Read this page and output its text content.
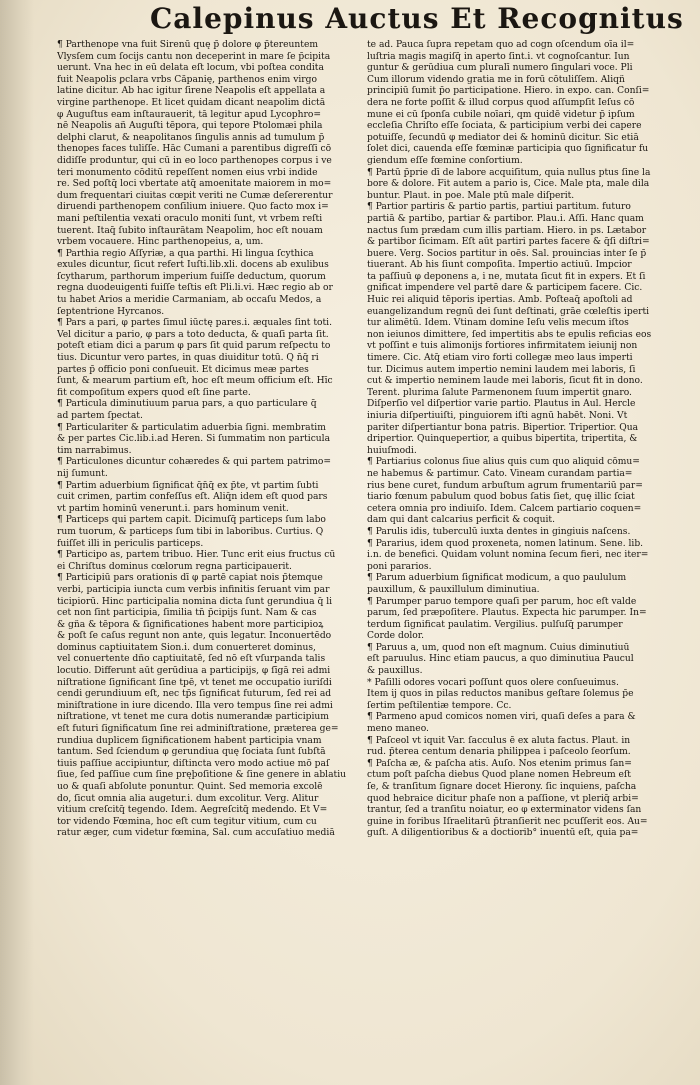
Calepinus Auctus Et Recognitus
¶ Parthenope vna fuit Sirenū quę p̄ dolore φ p̄tereuntem
Vlysſem cum ſocijs cantu non deceperint in mare ſe p̄cipita
uerunt. Vna hec in eū delata eſt locum, vbi poſtea condita
fuit Neapolis ꝑclara vrbs Căpanię, parthenos enim virgo
latine dicitur. Ab hac igitur ſirene Neapolis eſt appellata a
virgine parthenope. Et licet quidam dicant neapolim dictā
φ Auguſtus eam inſtaurauerit, tā legitur apud Lycophro=
nē Neapolis añ Auguſti tēpora, qui tepore Ptolomæi phila
delphi clarut, & neapolitanos ſingulis annis ad tumulum p̄
thenopes faces tuliſſe. Hāc Cumani a parentibus digreſſi cō
didiſſe produntur, qui cū in eo loco parthenopes corpus i ve
teri monumento cōditū repeſſent nomen eius vrbi indide
re. Sed poſtq̄ loci vbertate atq̄ amoenitate maiorem in mo=
dum frequentari ciuitas cœpit veriti ne Cumæ deſererentur
diruendi parthenopem conſilium iniuere. Quo facto mox i=
mani peſtilentia vexati oraculo moniti ſunt, vt vrbem reſti
tuerent. Itaq̄ ſubito inſtaurātam Neapolim, hoc eſt nouam
vrbem vocauere. Hinc parthenopeius, a, um.
¶ Parthia regio Aſſyriæ, a qua parthi. Hi lingua ſcythica
exules dicuntur, ſicut refert Iuſti.lib.xli. docens ab exulibus
ſcytharum, parthorum imperium fuiſſe deductum, quorum
regna duodeuigenti fuiſſe teſtis eſt Pli.li.vi. Hæc regio ab or
tu habet Arios a meridie Carmaniam, ab occaſu Medos, a
ſeptentrione Hyrcanos.
¶ Pars a pari, φ partes ſimul iūctę pares.i. æquales ſint toti.
Vel dicitur a pario, φ pars a toto deducta, & quaſi parta ſit.
poteſt etiam dici a parum φ pars ſit quid parum reſpectu to
tius. Dicuntur vero partes, in quas diuiditur totū. Q̄ n̄q̄ ri
partes p̄ officio poni conſueuit. Et dicimus meæ partes
ſunt, & mearum partium eſt, hoc eſt meum officium eſt. Hīc
fit compoſitum expers quod eſt ſine parte.
¶ Particula diminutiuum parua pars, a quo particulare q̄
ad partem ſpectat.
¶ Particulariter & particulatim aduerbia ſigni. membratim
& per partes Cic.lib.i.ad Heren. Si ſummatim non particula
tim narrabimus.
¶ Particulones dicuntur cohæredes & qui partem patrimo=
nij ſumunt.
¶ Partim aduerbium ſignificat q̄n̄q̄ ex p̄te, vt partim ſubti
cuit crimen, partim confeſſus eſt. Aliq̄n idem eſt quod pars
vt partim hominū venerunt.i. pars hominum venit.
¶ Particeps qui partem capit. Dicimuſq̄ particeps ſum labo
rum tuorum, & particeps ſum tibi in laboribus. Curtius. Q̄
fuiſſet illi in periculis particeps.
¶ Participo as, partem tribuo. Hier. Tunc erit eius fructus cū
ei Chriſtus dominus cœlorum regna participauerit.
¶ Participiū pars orationis dī φ partē capiat nois p̄temque
verbi, participia iuncta cum verbis infinitis ſeruant vim par
ticipiorū. Hinc participalia nomina dicta ſunt gerundiua q̄ li
cet non ſint participia, ſimilia tn̄ p̄cipijs ſunt. Nam & cas
& gña & tēpora & ſignificationes habent more participioꝝ
& poſt ſe caſus regunt non ante, quis legatur. Inconuertēdo
dominus captiuitatem Sion.i. dum conuerteret dominus,
vel conuertente dño captiuitatē, ſed nō eſt vſurpanda talis
locutio. Differunt aūt gerūdiua a participijs, φ ſīgā rei admi
niſtratione ſignificant ſine tpē, vt tenet me occupatio iuriſdi
cendi gerundiuum eſt, nec tp̄s ſignificat futurum, ſed rei ad
miniſtratione in iure dicendo. Illa vero tempus ſine rei admi
niſtratione, vt tenet me cura dotis numerandæ participium
eſt futuri ſignificatum ſine rei adminiſtratione, præterea ge=
rundiua duplicem ſignificationem habent participia vnam
tantum. Sed ſciendum φ gerundiua quę ſociata ſunt ſubſtā
tiuis paſſiue accipiuntur, diſtincta vero modo actiue mō paſ
ſiue, ſed paſſiue cum ſine pręþoſitione & ſine genere in ablatiu
uo & quaſi abſolute ponuntur. Quint. Sed memoria excolē
do, ſicut omnia alia augetur.i. dum excolitur. Verg. Alitur
vitium creſcitq̄ tegendo. Idem. Aegreſcitq̄ medendo. Et V=
tor videndo Fœmina, hoc eſt cum tegitur vitium, cum cu
ratur æger, cum videtur fœmina, Sal. cum accuſatiuo mediā
te ad. Pauca ſupra repetam quo ad cogn oſcendum oīa il=
luſtria magis magiſq̄ in aperto ſint.i. vt cognoſcantur. Iun
guntur & gerūdiua cum pluralī numero ſingulari voce. Pli
Cum illorum videndo gratia me in forū cōtuliſſem. Aliqñ
principiū ſumit p̄o participatione. Hiero. in expo. can. Conſi=
dera ne forte poſſit & illud corpus quod aſſumpſit Ieſus cō
mune ei cū ſponſa cubile noīari, qm quidē videtur p̄ ipſum
eccleſia Chriſto eſſe ſociata, & participium verbi dei capere
potuiſſe, ſecundū φ mediator dei & hominū dicitur. Sic etiā
ſolet dici, cauenda eſſe fœminæ participia quo ſignificatur fu
giendum eſſe fœmine conſortium.
¶ Partū p̄prie dī de labore acquiſitum, quia nullus ptus ſine la
bore & dolore. Fit autem a pario is, Cice. Male pta, male dila
buntur. Plaut. in poe. Male ptū male diſperit.
¶ Partior partiris & partio partis, partiui partitum. futuro
partiā & partibo, partiar & partibor. Plau.i. Aſſi. Hanc quam
nactus ſum prædam cum illis partiam. Hiero. in ps. Lætabor
& partibor ſicimam. Eſt aūt partiri partes facere & q̄ſi diſtri=
buere. Verg. Socios partitur in oēs. Sal. prouincias inter ſe p̄
tiuerant. Ab his ſiunt compoſita. Impertio actiuū. Impcior
ta paſſiuū φ deponens a, i ne, mutata ſicut fit in expers. Et ſi
gnificat impendere vel partē dare & participem facere. Cic.
Huic rei aliquid tēporis ipertias. Amb. Poſteaq̄ apoſtoli ad
euangelizandum regnū dei ſunt deſtinati, grāe cœleſtis iperti
tur alimētū. Idem. Vtinam domine Ieſu velis mecum iſtos
non ieiunos dimittere, ſed impertitis abs te epulis reficias eos
vt poſſint e tuis alimonijs fortiores infirmitatem ieiunij non
timere. Cic. Atq̄ etiam viro forti collegæ meo laus imperti
tur. Dicimus autem impertio nemini laudem mei laboris, ſi
cut & impertio neminem laude mei laboris, ſicut fit in dono.
Terent. plurima ſalute Parmenonem ſuum impertit gnaro.
Diſperſio vel diſpertior varie partio. Plautus in Aul. Hercle
iniuria diſpertiuiſti, pinguiorem iſti agnū habēt. Noni. Vt
pariter diſpertiantur bona patris. Bipertior. Tripertior. Qua
dripertior. Quinquepertior, a quibus bipertita, tripertita, &
huiuſmodi.
¶ Partiarius colonus ſiue alius quis cum quo aliquid cōmu=
ne habemus & partimur. Cato. Vineam curandam partia=
rius bene curet, fundum arbuſtum agrum frumentariū par=
tiario fœnum pabulum quod bobus ſatis ſiet, quę illic ſciat
cetera omnia pro indiuiſo. Idem. Calcem partiario coquen=
dam qui dant calcarius perficit & coquit.
¶ Parulis idis, tuberculū iuxta dentes in gingiuis naſcens.
¶ Pararius, idem quod proxeneta, nomen latinum. Sene. lib.
i.n. de benefici. Quidam volunt nomina ſecum fieri, nec iter=
poni pararios.
¶ Parum aduerbium ſignificat modicum, a quo paululum
pauxillum, & pauxillulum diminutiua.
¶ Parumper paruo tempore quaſi per parum, hoc eſt valde
parum, ſed præpoſitere. Plautus. Expecta hic parumper. In=
terdum ſignificat paulatim. Vergilius. pulſuſq̄ parumper
Corde dolor.
¶ Paruus a, um, quod non eſt magnum. Cuius diminutiuū
eſt paruulus. Hinc etiam paucus, a quo diminutiua Paucul
& pauxillus.
* Paſilli odores vocari poſſunt quos olere conſueuimus.
Item ij quos in pilas reductos manibus geſtare ſolemus p̄e
ſertim peſtilentiæ tempore. Cc.
¶ Parmeno apud comicos nomen viri, quaſi deſes a para &
meno maneo.
¶ Paſceol vt iquit Var. ſacculus ē ex aluta factus. Plaut. in
rud. p̄terea centum denaria philippea i paſceolo ſeorſum.
¶ Paſcha æ, & paſcha atis. Auſo. Nos etenim primus ſan=
ctum poſt paſcha diebus Quod plane nomen Hebreum eſt
ſe, & tranſitum ſignare docet Hierony. ſic inquiens, paſcha
quod hebraice dicitur phaſe non a paſſione, vt pleriq̄ arbi=
trantur, ſed a tranſitu noiatur, eo φ exterminator videns ſan
guine in foribus Iſraelitarū p̄tranſierit nec pcuſſerit eos. Au=
guſt. A diligentioribus & a doctiorib° inuentū eſt, quia pa=
